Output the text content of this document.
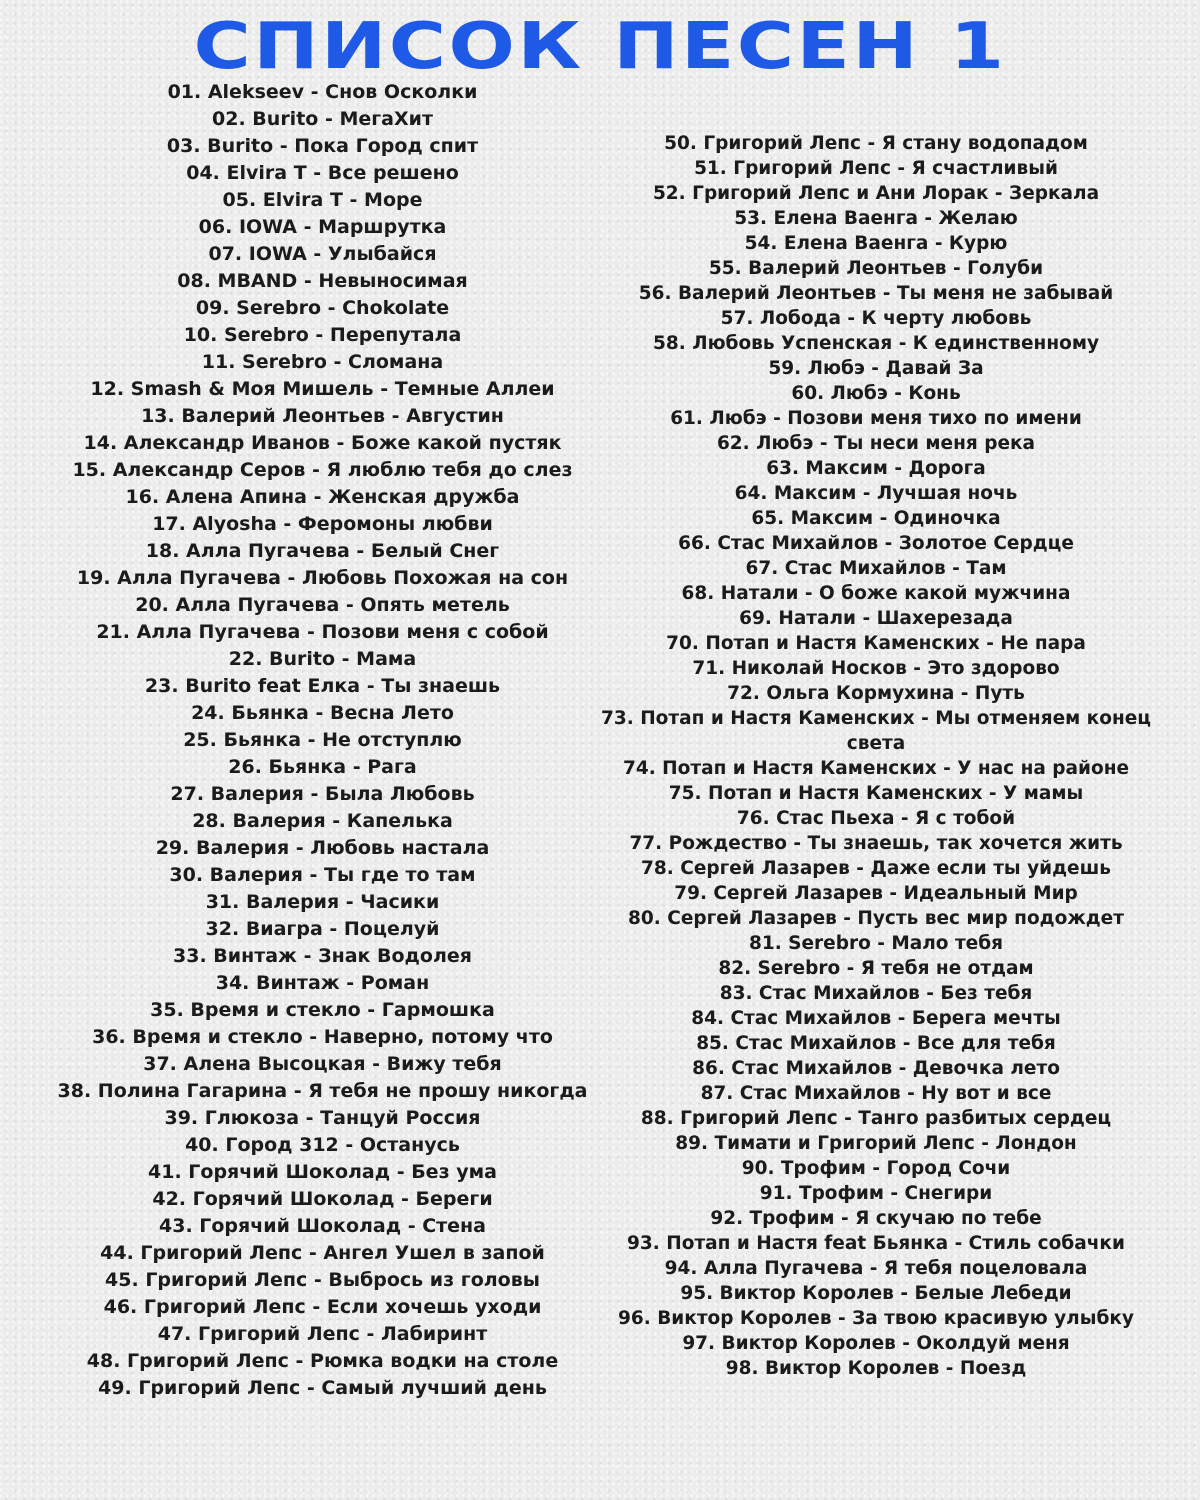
СПИСОК ПЕСЕН 1
01. Alekseev - Снов Осколки
02. Burito - МегаХит
03. Burito - Пока Город спит
04. Elvira T - Все решено
05. Elvira T - Море
06. IOWA - Маршрутка
07. IOWA - Улыбайся
08. MBAND - Невыносимая
09. Serebro - Chokolate
10. Serebro - Перепутала
11. Serebro - Сломана
12. Smash & Моя Мишель - Темные Аллеи
13. Валерий Леонтьев - Августин
14. Александр Иванов - Боже какой пустяк
15. Александр Серов - Я люблю тебя до слез
16. Алена Апина - Женская дружба
17. Alyosha - Феромоны любви
18. Алла Пугачева - Белый Снег
19. Алла Пугачева - Любовь Похожая на сон
20. Алла Пугачева - Опять метель
21. Алла Пугачева - Позови меня с собой
22. Burito - Мама
23. Burito feat Елка - Ты знаешь
24. Бьянка - Весна Лето
25. Бьянка - Не отступлю
26. Бьянка - Рага
27. Валерия - Была Любовь
28. Валерия - Капелька
29. Валерия - Любовь настала
30. Валерия - Ты где то там
31. Валерия - Часики
32. Виагра - Поцелуй
33. Винтаж - Знак Водолея
34. Винтаж - Роман
35. Время и стекло - Гармошка
36. Время и стекло - Наверно, потому что
37. Алена Высоцкая - Вижу тебя
38. Полина Гагарина - Я тебя не прошу никогда
39. Глюкоза - Танцуй Россия
40. Город 312 - Останусь
41. Горячий Шоколад - Без ума
42. Горячий Шоколад - Береги
43. Горячий Шоколад - Стена
44. Григорий Лепс - Ангел Ушел в запой
45. Григорий Лепс - Выбрось из головы
46. Григорий Лепс - Если хочешь уходи
47. Григорий Лепс - Лабиринт
48. Григорий Лепс - Рюмка водки на столе
49. Григорий Лепс - Самый лучший день
50. Григорий Лепс - Я стану водопадом
51. Григорий Лепс - Я счастливый
52. Григорий Лепс и Ани Лорак - Зеркала
53. Елена Ваенга - Желаю
54. Елена Ваенга - Курю
55. Валерий Леонтьев - Голуби
56. Валерий Леонтьев - Ты меня не забывай
57. Лобода - К черту любовь
58. Любовь Успенская - К единственному
59. Любэ - Давай За
60. Любэ - Конь
61. Любэ - Позови меня тихо по имени
62. Любэ - Ты неси меня река
63. Максим - Дорога
64. Максим - Лучшая ночь
65. Максим - Одиночка
66. Стас Михайлов - Золотое Сердце
67. Стас Михайлов - Там
68. Натали - О боже какой мужчина
69. Натали - Шахерезада
70. Потап и Настя Каменских - Не пара
71. Николай Носков - Это здорово
72. Ольга Кормухина - Путь
73. Потап и Настя Каменских - Мы отменяем конец света
74. Потап и Настя Каменских - У нас на районе
75. Потап и Настя Каменских - У мамы
76. Стас Пьеха - Я с тобой
77. Рождество - Ты знаешь, так хочется жить
78. Сергей Лазарев - Даже если ты уйдешь
79. Сергей Лазарев - Идеальный Мир
80. Сергей Лазарев - Пусть вес мир подождет
81. Serebro - Мало тебя
82. Serebro - Я тебя не отдам
83. Стас Михайлов - Без тебя
84. Стас Михайлов - Берега мечты
85. Стас Михайлов - Все для тебя
86. Стас Михайлов - Девочка лето
87. Стас Михайлов - Ну вот и все
88. Григорий Лепс - Танго разбитых сердец
89. Тимати и Григорий Лепс - Лондон
90. Трофим - Город Сочи
91. Трофим - Снегири
92. Трофим - Я скучаю по тебе
93. Потап и Настя feat Бьянка - Стиль собачки
94. Алла Пугачева - Я тебя поцеловала
95. Виктор Королев - Белые Лебеди
96. Виктор Королев - За твою красивую улыбку
97. Виктор Королев - Околдуй меня
98. Виктор Королев - Поезд
